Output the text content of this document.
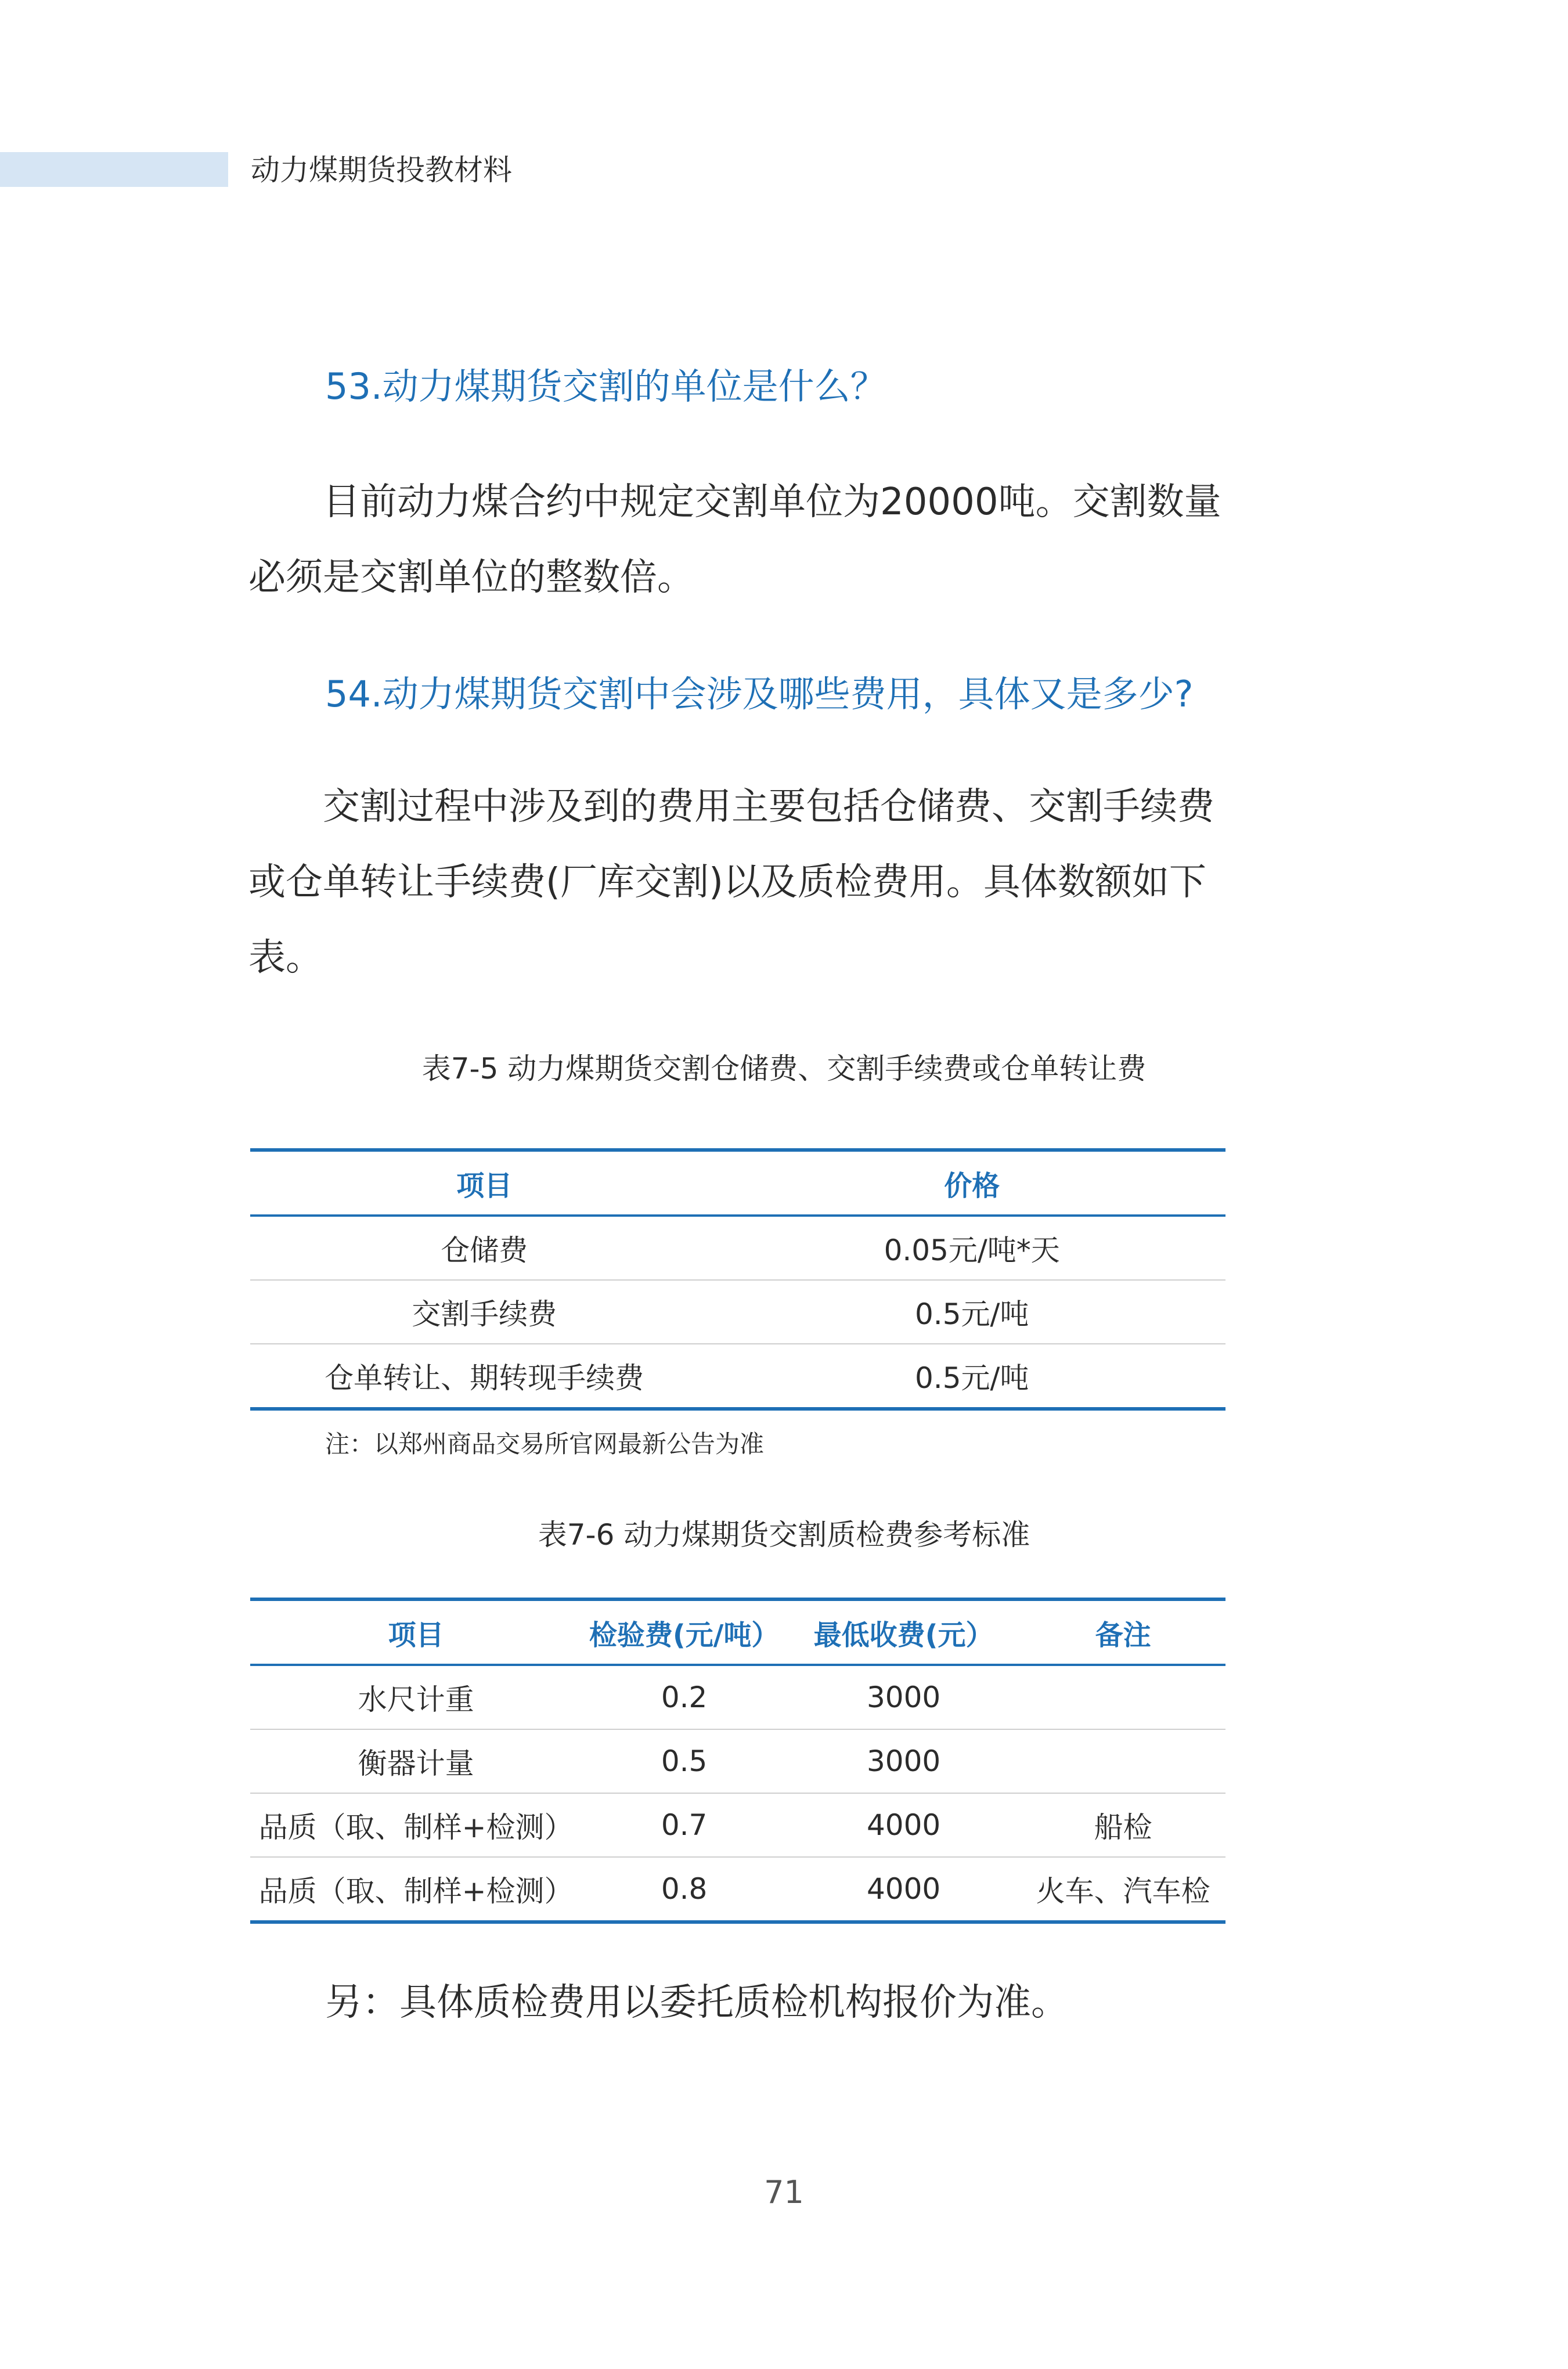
动力煤期货投教材料
53.动力煤期货交割的单位是什么？

目前动力煤合约中规定交割单位为20000吨。交割数量必须是交割单位的整数倍。

54.动力煤期货交割中会涉及哪些费用，具体又是多少?

交割过程中涉及到的费用主要包括仓储费、交割手续费或仓单转让手续费(厂库交割)以及质检费用。具体数额如下表。

表7-5 动力煤期货交割仓储费、交割手续费或仓单转让费
项目	价格
仓储费	0.05元/吨*天
交割手续费	0.5元/吨
仓单转让、期转现手续费	0.5元/吨
注：以郑州商品交易所官网最新公告为准
表7-6 动力煤期货交割质检费参考标准
项目	检验费(元/吨）	最低收费(元）	备注
水尺计重	0.2	3000	
衡器计量	0.5	3000	
品质（取、制样+检测）	0.7	4000	船检
品质（取、制样+检测）	0.8	4000	火车、汽车检
另：具体质检费用以委托质检机构报价为准。
71
